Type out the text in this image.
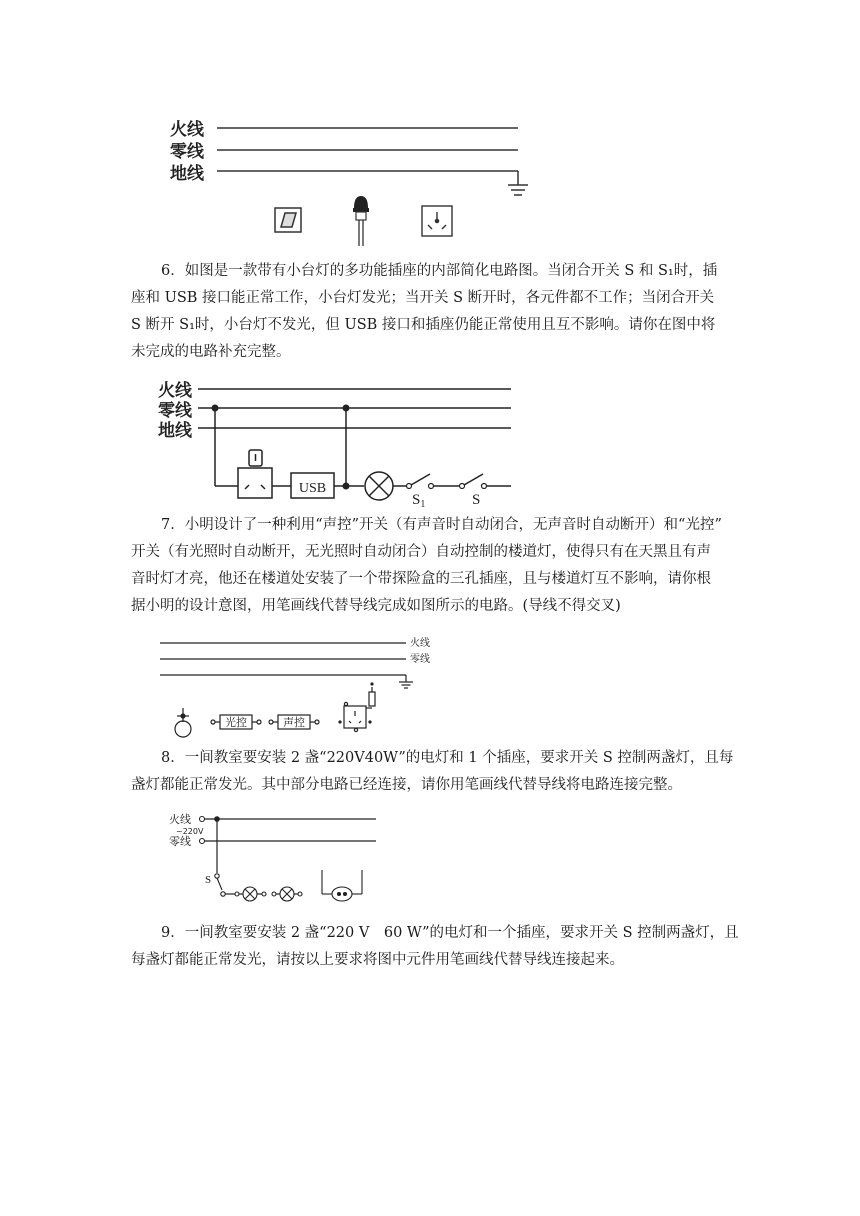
火线
零线
地线
6．如图是一款带有小台灯的多功能插座的内部简化电路图。当闭合开关 S 和 S₁时，插
座和 USB 接口能正常工作，小台灯发光；当开关 S 断开时，各元件都不工作；当闭合开关
S 断开 S₁时，小台灯不发光，但 USB 接口和插座仍能正常使用且互不影响。请你在图中将
未完成的电路补充完整。
火线
零线
地线
USB
$S_1$	S
7．小明设计了一种利用“声控”开关（有声音时自动闭合，无声音时自动断开）和“光控”
开关（有光照时自动断开，无光照时自动闭合）自动控制的楼道灯，使得只有在天黑且有声
音时灯才亮，他还在楼道处安装了一个带探险盒的三孔插座，且与楼道灯互不影响，请你根
据小明的设计意图，用笔画线代替导线完成如图所示的电路。(导线不得交叉)
火线
零线
光控	声控
8．一间教室要安装 2 盏“220V40W”的电灯和 1 个插座，要求开关 S 控制两盏灯，且每
盏灯都能正常发光。其中部分电路已经连接，请你用笔画线代替导线将电路连接完整。
火线
~220V
零线
S
9．一间教室要安装 2 盏“220 V　60 W”的电灯和一个插座，要求开关 S 控制两盏灯，且
每盏灯都能正常发光，请按以上要求将图中元件用笔画线代替导线连接起来。
